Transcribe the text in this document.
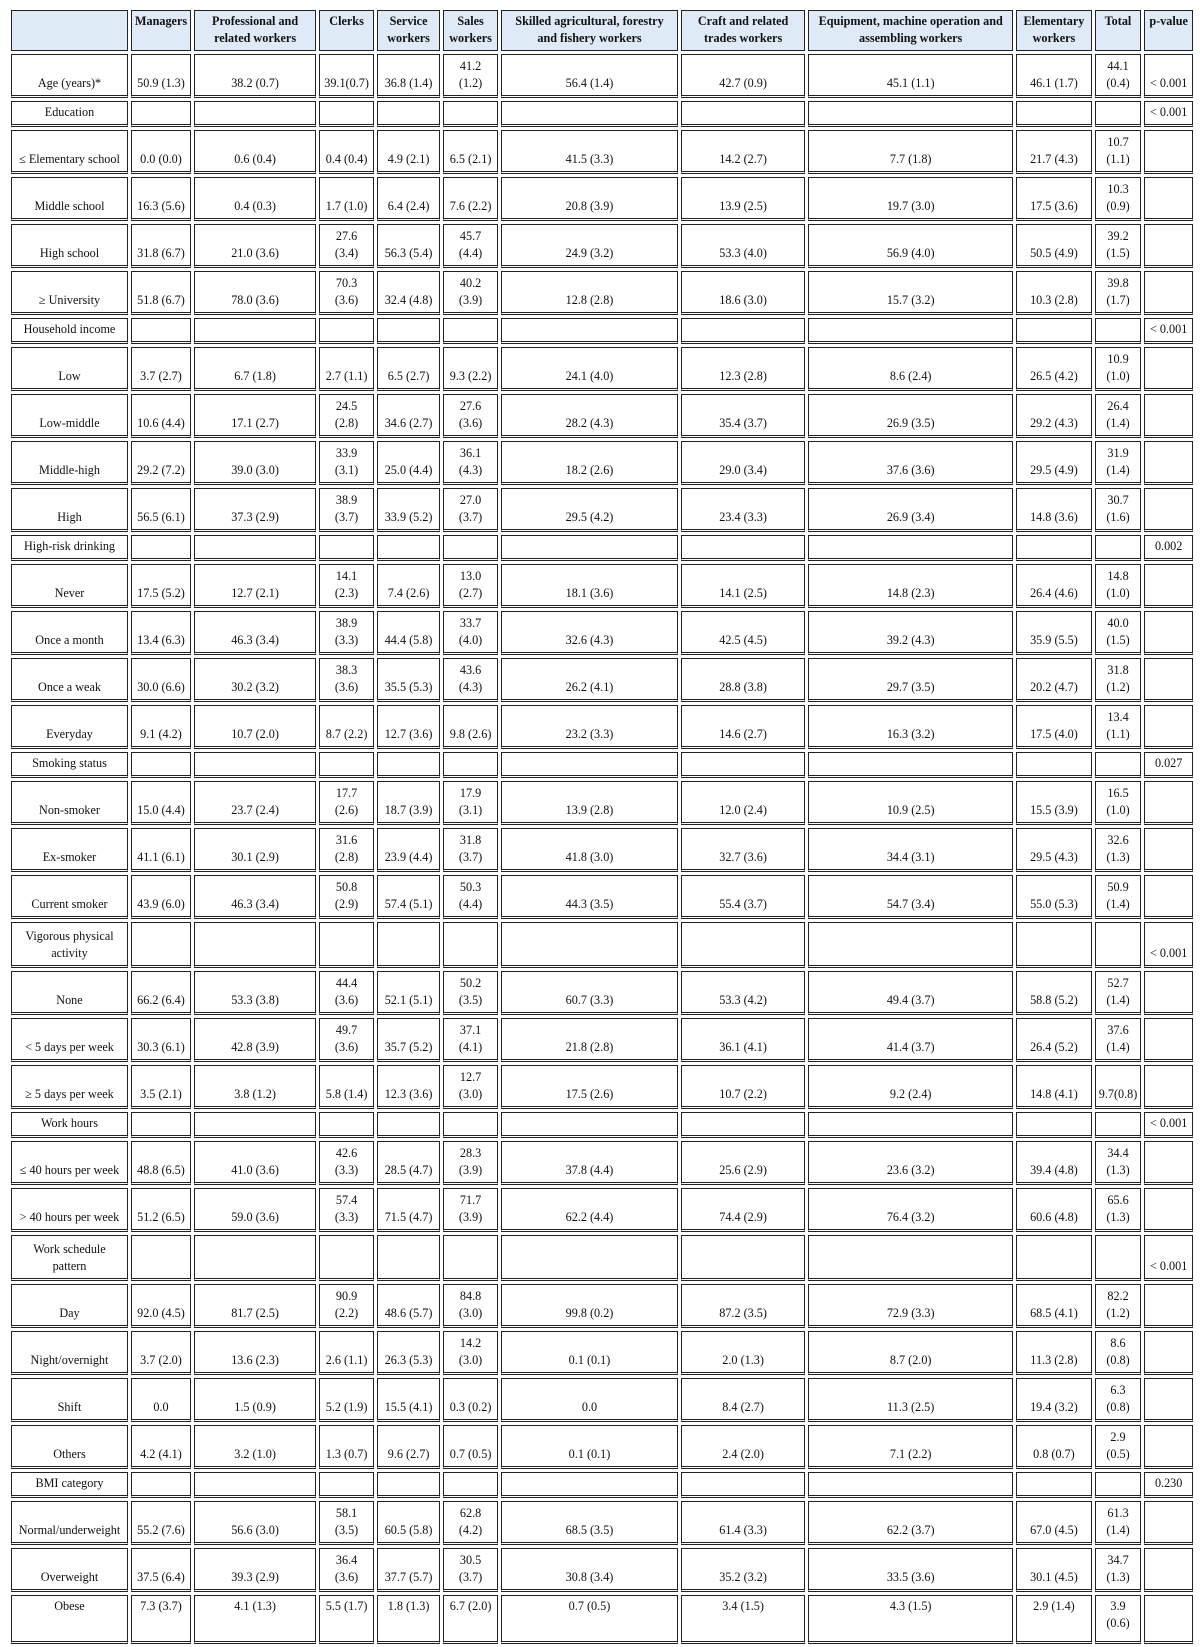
	Managers	Professional and related workers	Clerks	Service workers	Sales workers	Skilled agricultural, forestry and fishery workers	Craft and related trades workers	Equipment, machine operation and assembling workers	Elementary workers	Total	p-value
Age (years)*	50.9 (1.3)	38.2 (0.7)	39.1(0.7)	36.8 (1.4)	41.2 (1.2)	56.4 (1.4)	42.7 (0.9)	45.1 (1.1)	46.1 (1.7)	44.1 (0.4)	< 0.001
Education											< 0.001
≤ Elementary school	0.0 (0.0)	0.6 (0.4)	0.4 (0.4)	4.9 (2.1)	6.5 (2.1)	41.5 (3.3)	14.2 (2.7)	7.7 (1.8)	21.7 (4.3)	10.7 (1.1)	
Middle school	16.3 (5.6)	0.4 (0.3)	1.7 (1.0)	6.4 (2.4)	7.6 (2.2)	20.8 (3.9)	13.9 (2.5)	19.7 (3.0)	17.5 (3.6)	10.3 (0.9)	
High school	31.8 (6.7)	21.0 (3.6)	27.6 (3.4)	56.3 (5.4)	45.7 (4.4)	24.9 (3.2)	53.3 (4.0)	56.9 (4.0)	50.5 (4.9)	39.2 (1.5)	
≥ University	51.8 (6.7)	78.0 (3.6)	70.3 (3.6)	32.4 (4.8)	40.2 (3.9)	12.8 (2.8)	18.6 (3.0)	15.7 (3.2)	10.3 (2.8)	39.8 (1.7)	
Household income											< 0.001
Low	3.7 (2.7)	6.7 (1.8)	2.7 (1.1)	6.5 (2.7)	9.3 (2.2)	24.1 (4.0)	12.3 (2.8)	8.6 (2.4)	26.5 (4.2)	10.9 (1.0)	
Low-middle	10.6 (4.4)	17.1 (2.7)	24.5 (2.8)	34.6 (2.7)	27.6 (3.6)	28.2 (4.3)	35.4 (3.7)	26.9 (3.5)	29.2 (4.3)	26.4 (1.4)	
Middle-high	29.2 (7.2)	39.0 (3.0)	33.9 (3.1)	25.0 (4.4)	36.1 (4.3)	18.2 (2.6)	29.0 (3.4)	37.6 (3.6)	29.5 (4.9)	31.9 (1.4)	
High	56.5 (6.1)	37.3 (2.9)	38.9 (3.7)	33.9 (5.2)	27.0 (3.7)	29.5 (4.2)	23.4 (3.3)	26.9 (3.4)	14.8 (3.6)	30.7 (1.6)	
High-risk drinking											0.002
Never	17.5 (5.2)	12.7 (2.1)	14.1 (2.3)	7.4 (2.6)	13.0 (2.7)	18.1 (3.6)	14.1 (2.5)	14.8 (2.3)	26.4 (4.6)	14.8 (1.0)	
Once a month	13.4 (6.3)	46.3 (3.4)	38.9 (3.3)	44.4 (5.8)	33.7 (4.0)	32.6 (4.3)	42.5 (4.5)	39.2 (4.3)	35.9 (5.5)	40.0 (1.5)	
Once a weak	30.0 (6.6)	30.2 (3.2)	38.3 (3.6)	35.5 (5.3)	43.6 (4.3)	26.2 (4.1)	28.8 (3.8)	29.7 (3.5)	20.2 (4.7)	31.8 (1.2)	
Everyday	9.1 (4.2)	10.7 (2.0)	8.7 (2.2)	12.7 (3.6)	9.8 (2.6)	23.2 (3.3)	14.6 (2.7)	16.3 (3.2)	17.5 (4.0)	13.4 (1.1)	
Smoking status											0.027
Non-smoker	15.0 (4.4)	23.7 (2.4)	17.7 (2.6)	18.7 (3.9)	17.9 (3.1)	13.9 (2.8)	12.0 (2.4)	10.9 (2.5)	15.5 (3.9)	16.5 (1.0)	
Ex-smoker	41.1 (6.1)	30.1 (2.9)	31.6 (2.8)	23.9 (4.4)	31.8 (3.7)	41.8 (3.0)	32.7 (3.6)	34.4 (3.1)	29.5 (4.3)	32.6 (1.3)	
Current smoker	43.9 (6.0)	46.3 (3.4)	50.8 (2.9)	57.4 (5.1)	50.3 (4.4)	44.3 (3.5)	55.4 (3.7)	54.7 (3.4)	55.0 (5.3)	50.9 (1.4)	
Vigorous physical activity											< 0.001
None	66.2 (6.4)	53.3 (3.8)	44.4 (3.6)	52.1 (5.1)	50.2 (3.5)	60.7 (3.3)	53.3 (4.2)	49.4 (3.7)	58.8 (5.2)	52.7 (1.4)	
< 5 days per week	30.3 (6.1)	42.8 (3.9)	49.7 (3.6)	35.7 (5.2)	37.1 (4.1)	21.8 (2.8)	36.1 (4.1)	41.4 (3.7)	26.4 (5.2)	37.6 (1.4)	
≥ 5 days per week	3.5 (2.1)	3.8 (1.2)	5.8 (1.4)	12.3 (3.6)	12.7 (3.0)	17.5 (2.6)	10.7 (2.2)	9.2 (2.4)	14.8 (4.1)	9.7(0.8)	
Work hours											< 0.001
≤ 40 hours per week	48.8 (6.5)	41.0 (3.6)	42.6 (3.3)	28.5 (4.7)	28.3 (3.9)	37.8 (4.4)	25.6 (2.9)	23.6 (3.2)	39.4 (4.8)	34.4 (1.3)	
> 40 hours per week	51.2 (6.5)	59.0 (3.6)	57.4 (3.3)	71.5 (4.7)	71.7 (3.9)	62.2 (4.4)	74.4 (2.9)	76.4 (3.2)	60.6 (4.8)	65.6 (1.3)	
Work schedule pattern											< 0.001
Day	92.0 (4.5)	81.7 (2.5)	90.9 (2.2)	48.6 (5.7)	84.8 (3.0)	99.8 (0.2)	87.2 (3.5)	72.9 (3.3)	68.5 (4.1)	82.2 (1.2)	
Night/overnight	3.7 (2.0)	13.6 (2.3)	2.6 (1.1)	26.3 (5.3)	14.2 (3.0)	0.1 (0.1)	2.0 (1.3)	8.7 (2.0)	11.3 (2.8)	8.6 (0.8)	
Shift	0.0	1.5 (0.9)	5.2 (1.9)	15.5 (4.1)	0.3 (0.2)	0.0	8.4 (2.7)	11.3 (2.5)	19.4 (3.2)	6.3 (0.8)	
Others	4.2 (4.1)	3.2 (1.0)	1.3 (0.7)	9.6 (2.7)	0.7 (0.5)	0.1 (0.1)	2.4 (2.0)	7.1 (2.2)	0.8 (0.7)	2.9 (0.5)	
BMI category											0.230
Normal/underweight	55.2 (7.6)	56.6 (3.0)	58.1 (3.5)	60.5 (5.8)	62.8 (4.2)	68.5 (3.5)	61.4 (3.3)	62.2 (3.7)	67.0 (4.5)	61.3 (1.4)	
Overweight	37.5 (6.4)	39.3 (2.9)	36.4 (3.6)	37.7 (5.7)	30.5 (3.7)	30.8 (3.4)	35.2 (3.2)	33.5 (3.6)	30.1 (4.5)	34.7 (1.3)	
Obese	7.3 (3.7)	4.1 (1.3)	5.5 (1.7)	1.8 (1.3)	6.7 (2.0)	0.7 (0.5)	3.4 (1.5)	4.3 (1.5)	2.9 (1.4)	3.9 (0.6)	
